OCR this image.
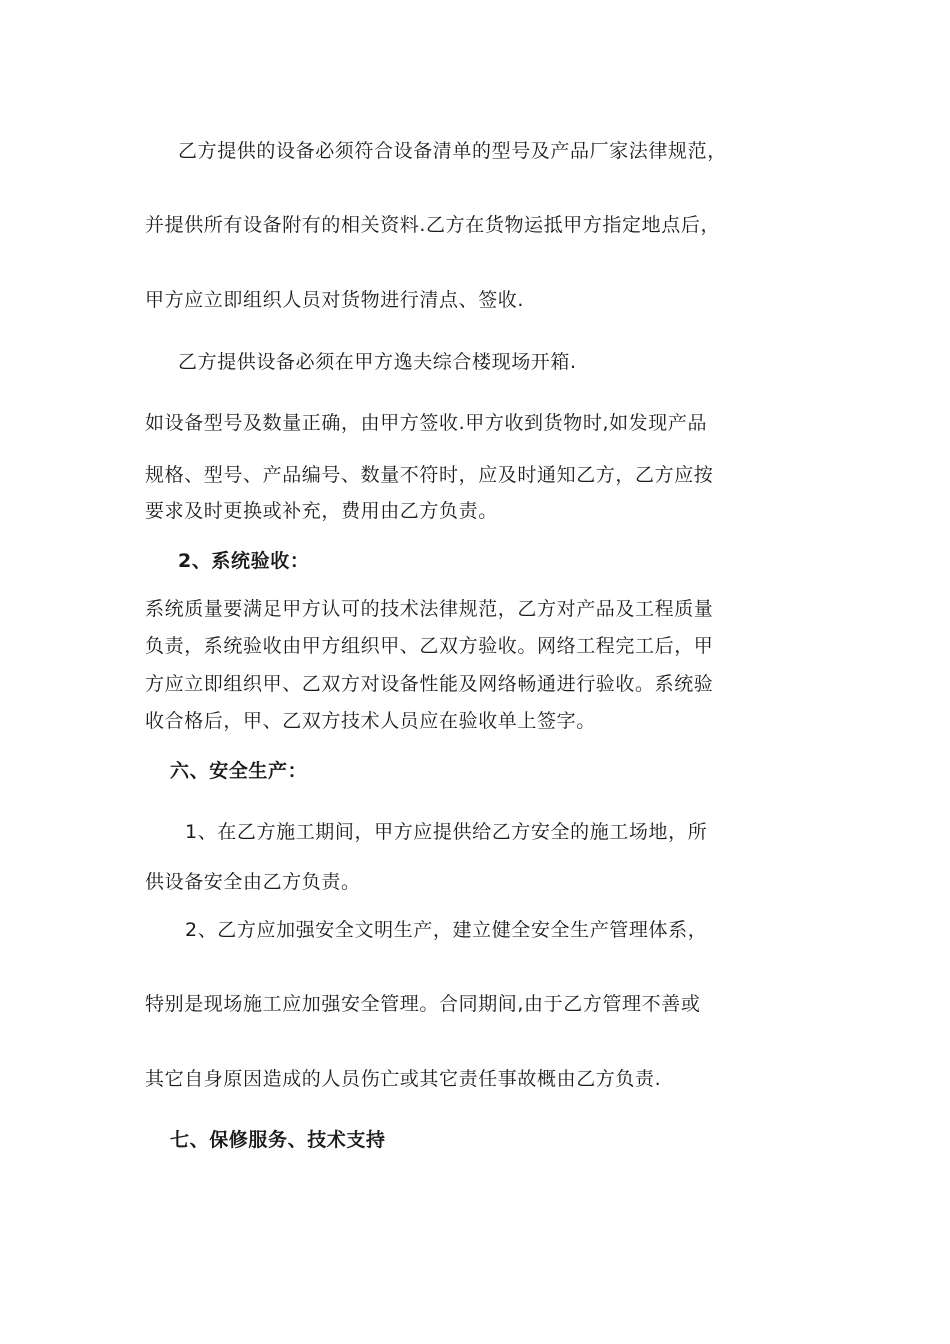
乙方提供的设备必须符合设备清单的型号及产品厂家法律规范，
并提供所有设备附有的相关资料.乙方在货物运抵甲方指定地点后，
甲方应立即组织人员对货物进行清点、签收.
乙方提供设备必须在甲方逸夫综合楼现场开箱.
如设备型号及数量正确，由甲方签收.甲方收到货物时,如发现产品
规格、型号、产品编号、数量不符时，应及时通知乙方，乙方应按
要求及时更换或补充，费用由乙方负责。
2、系统验收：
系统质量要满足甲方认可的技术法律规范，乙方对产品及工程质量
负责，系统验收由甲方组织甲、乙双方验收。网络工程完工后，甲
方应立即组织甲、乙双方对设备性能及网络畅通进行验收。系统验
收合格后，甲、乙双方技术人员应在验收单上签字。
六、安全生产：
1、在乙方施工期间，甲方应提供给乙方安全的施工场地，所
供设备安全由乙方负责。
2、乙方应加强安全文明生产，建立健全安全生产管理体系，
特别是现场施工应加强安全管理。合同期间,由于乙方管理不善或
其它自身原因造成的人员伤亡或其它责任事故概由乙方负责.
七、保修服务、技术支持
